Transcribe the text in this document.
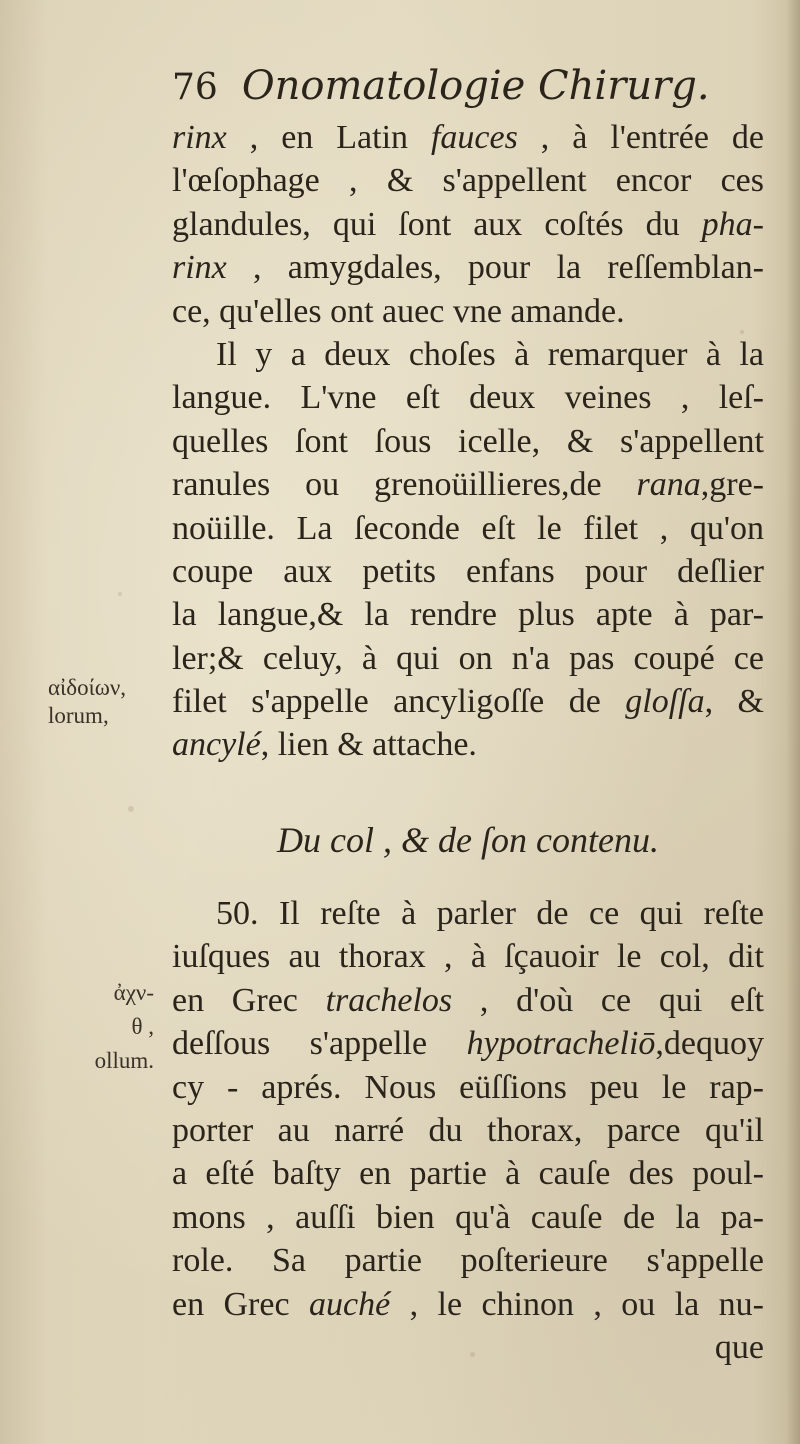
76 Onomatologie Chirurg.
rinx , en Latin fauces , à l'entrée de
l'œſophage , & s'appellent encor ces
glandules, qui ſont aux coſtés du pha-
rinx , amygdales, pour la reſſemblan-
ce, qu'elles ont auec vne amande.
Il y a deux choſes à remarquer à la
langue. L'vne eſt deux veines , leſ-
quelles ſont ſous icelle, & s'appellent
ranules ou grenoüillieres,de rana,gre-
noüille. La ſeconde eſt le filet , qu'on
coupe aux petits enfans pour deſlier
la langue,& la rendre plus apte à par-
ler;& celuy, à qui on n'a pas coupé ce
filet s'appelle ancyligoſſe de gloſſa, &
ancylé, lien & attache.
Du col , & de ſon contenu.
50. Il reſte à parler de ce qui reſte
iuſques au thorax , à ſçauoir le col, dit
en Grec trachelos , d'où ce qui eſt
deſſous s'appelle hypotracheliō,dequoy
cy - aprés. Nous eüſſions peu le rap-
porter au narré du thorax, parce qu'il
a eſté baſty en partie à cauſe des poul-
mons , auſſi bien qu'à cauſe de la pa-
role. Sa partie poſterieure s'appelle
en Grec auché , le chinon , ou la nu-
que
αἰδοίων,
lorum,
ἀχν-
θ ,
ollum.
